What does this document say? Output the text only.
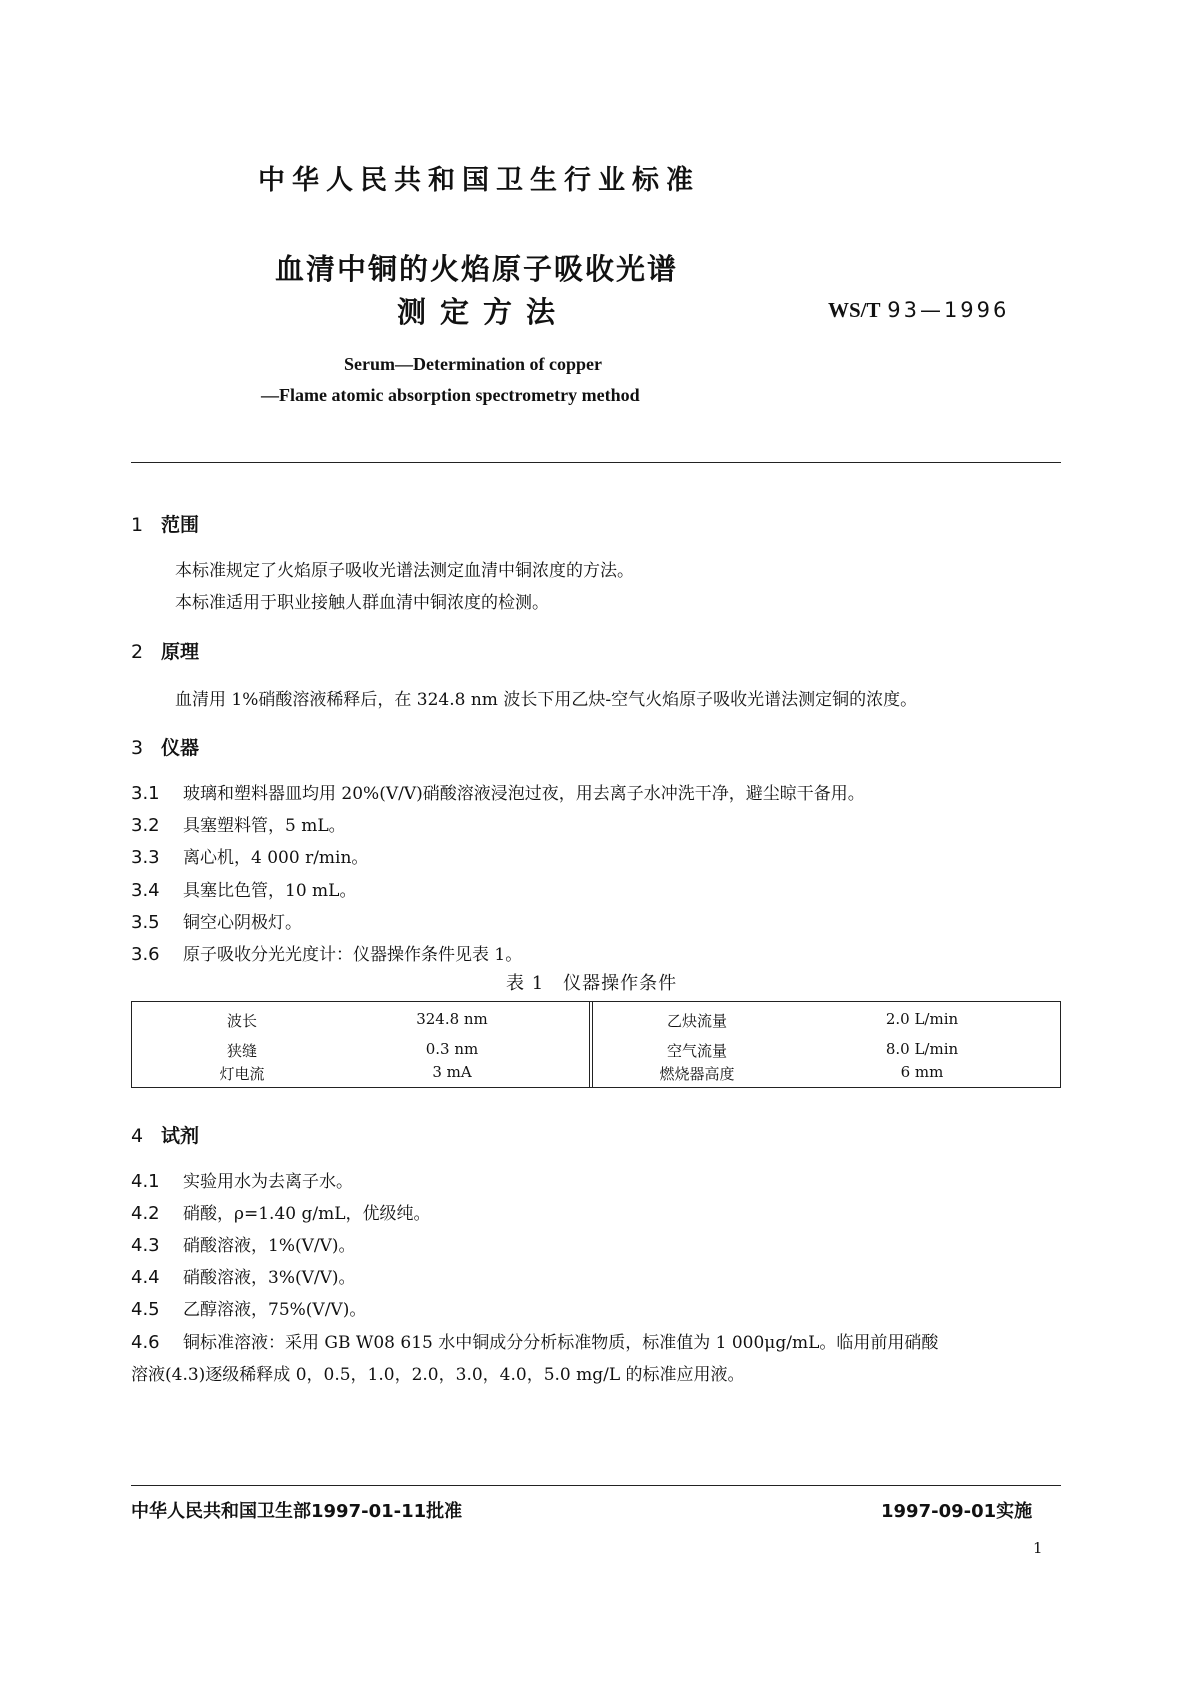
中华人民共和国卫生行业标准
血清中铜的火焰原子吸收光谱
测定方法	WS/T 93—1996
Serum—Determination of copper
—Flame atomic absorption spectrometry method
1 范围
本标准规定了火焰原子吸收光谱法测定血清中铜浓度的方法。
本标准适用于职业接触人群血清中铜浓度的检测。
2 原理
血清用 1%硝酸溶液稀释后，在 324.8 nm 波长下用乙炔-空气火焰原子吸收光谱法测定铜的浓度。
3 仪器
3.1 玻璃和塑料器皿均用 20%(V/V)硝酸溶液浸泡过夜，用去离子水冲洗干净，避尘晾干备用。
3.2 具塞塑料管，5 mL。
3.3 离心机，4 000 r/min。
3.4 具塞比色管，10 mL。
3.5 铜空心阴极灯。
3.6 原子吸收分光光度计：仪器操作条件见表 1。
表 1　仪器操作条件
波长	324.8 nm	乙炔流量	2.0 L/min
狭缝	0.3 nm	空气流量	8.0 L/min
灯电流	3 mA	燃烧器高度	6 mm
4 试剂
4.1 实验用水为去离子水。
4.2 硝酸，ρ=1.40 g/mL，优级纯。
4.3 硝酸溶液，1%(V/V)。
4.4 硝酸溶液，3%(V/V)。
4.5 乙醇溶液，75%(V/V)。
4.6 铜标准溶液：采用 GB W08 615 水中铜成分分析标准物质，标准值为 1 000μg/mL。临用前用硝酸
溶液(4.3)逐级稀释成 0，0.5，1.0，2.0，3.0，4.0，5.0 mg/L 的标准应用液。
中华人民共和国卫生部1997-01-11批准	1997-09-01实施
1
